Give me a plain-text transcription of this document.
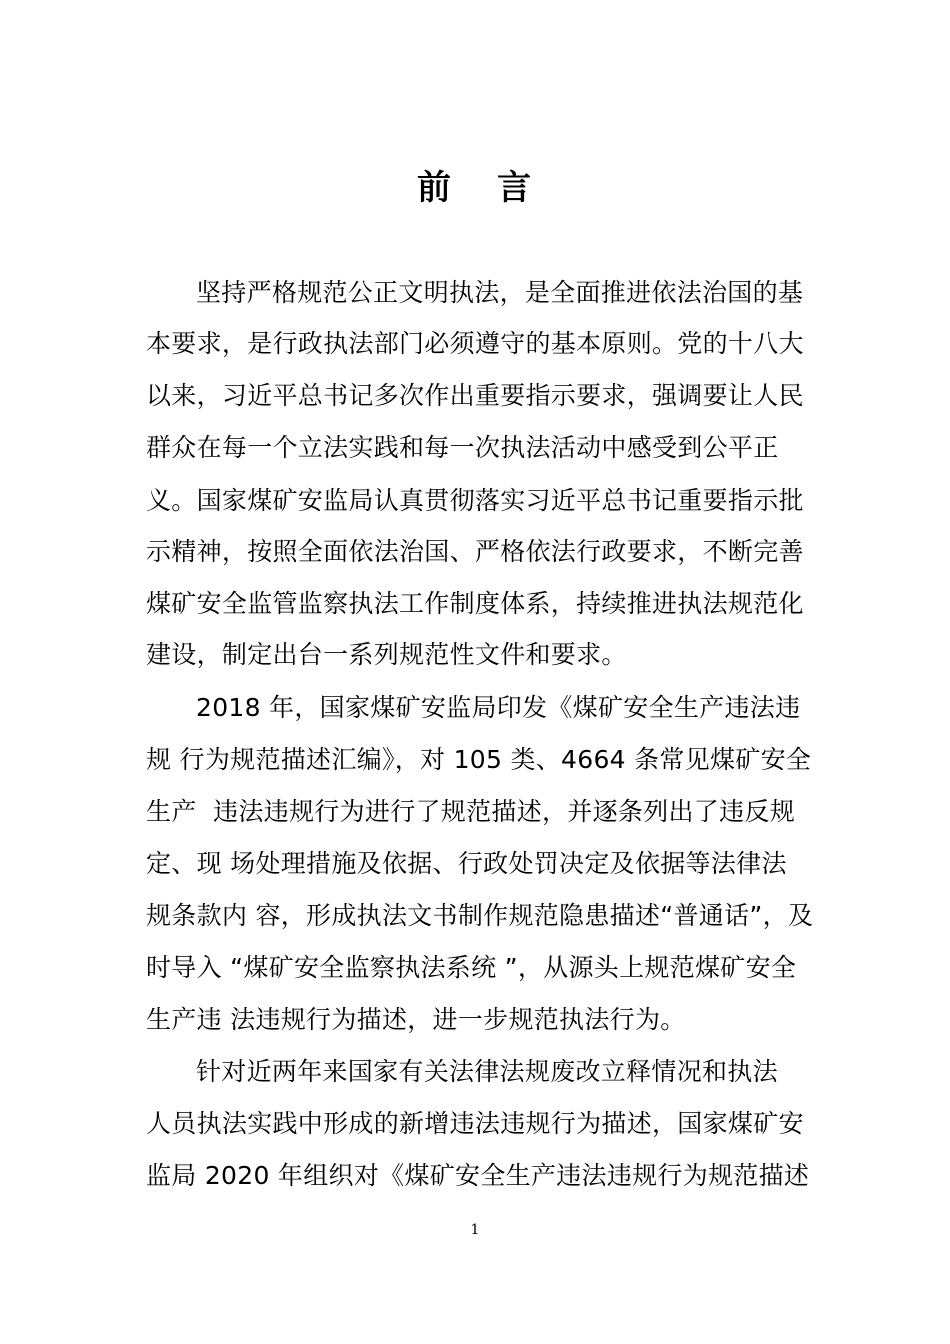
前 言
坚持严格规范公正文明执法，是全面推进依法治国的基
本要求，是行政执法部门必须遵守的基本原则。党的十八大
以来，习近平总书记多次作出重要指示要求，强调要让人民
群众在每一个立法实践和每一次执法活动中感受到公平正
义。国家煤矿安监局认真贯彻落实习近平总书记重要指示批
示精神，按照全面依法治国、严格依法行政要求，不断完善
煤矿安全监管监察执法工作制度体系，持续推进执法规范化
建设，制定出台一系列规范性文件和要求。
2018 年，国家煤矿安监局印发《煤矿安全生产违法违
规 行为规范描述汇编》，对 105 类、4664 条常见煤矿安全
生产  违法违规行为进行了规范描述，并逐条列出了违反规
定、现 场处理措施及依据、行政处罚决定及依据等法律法
规条款内 容，形成执法文书制作规范隐患描述“普通话”，及
时导入 “煤矿安全监察执法系统 ”，从源头上规范煤矿安全
生产违 法违规行为描述，进一步规范执法行为。
针对近两年来国家有关法律法规废改立释情况和执法
人员执法实践中形成的新增违法违规行为描述，国家煤矿安
监局 2020 年组织对《煤矿安全生产违法违规行为规范描述
1
